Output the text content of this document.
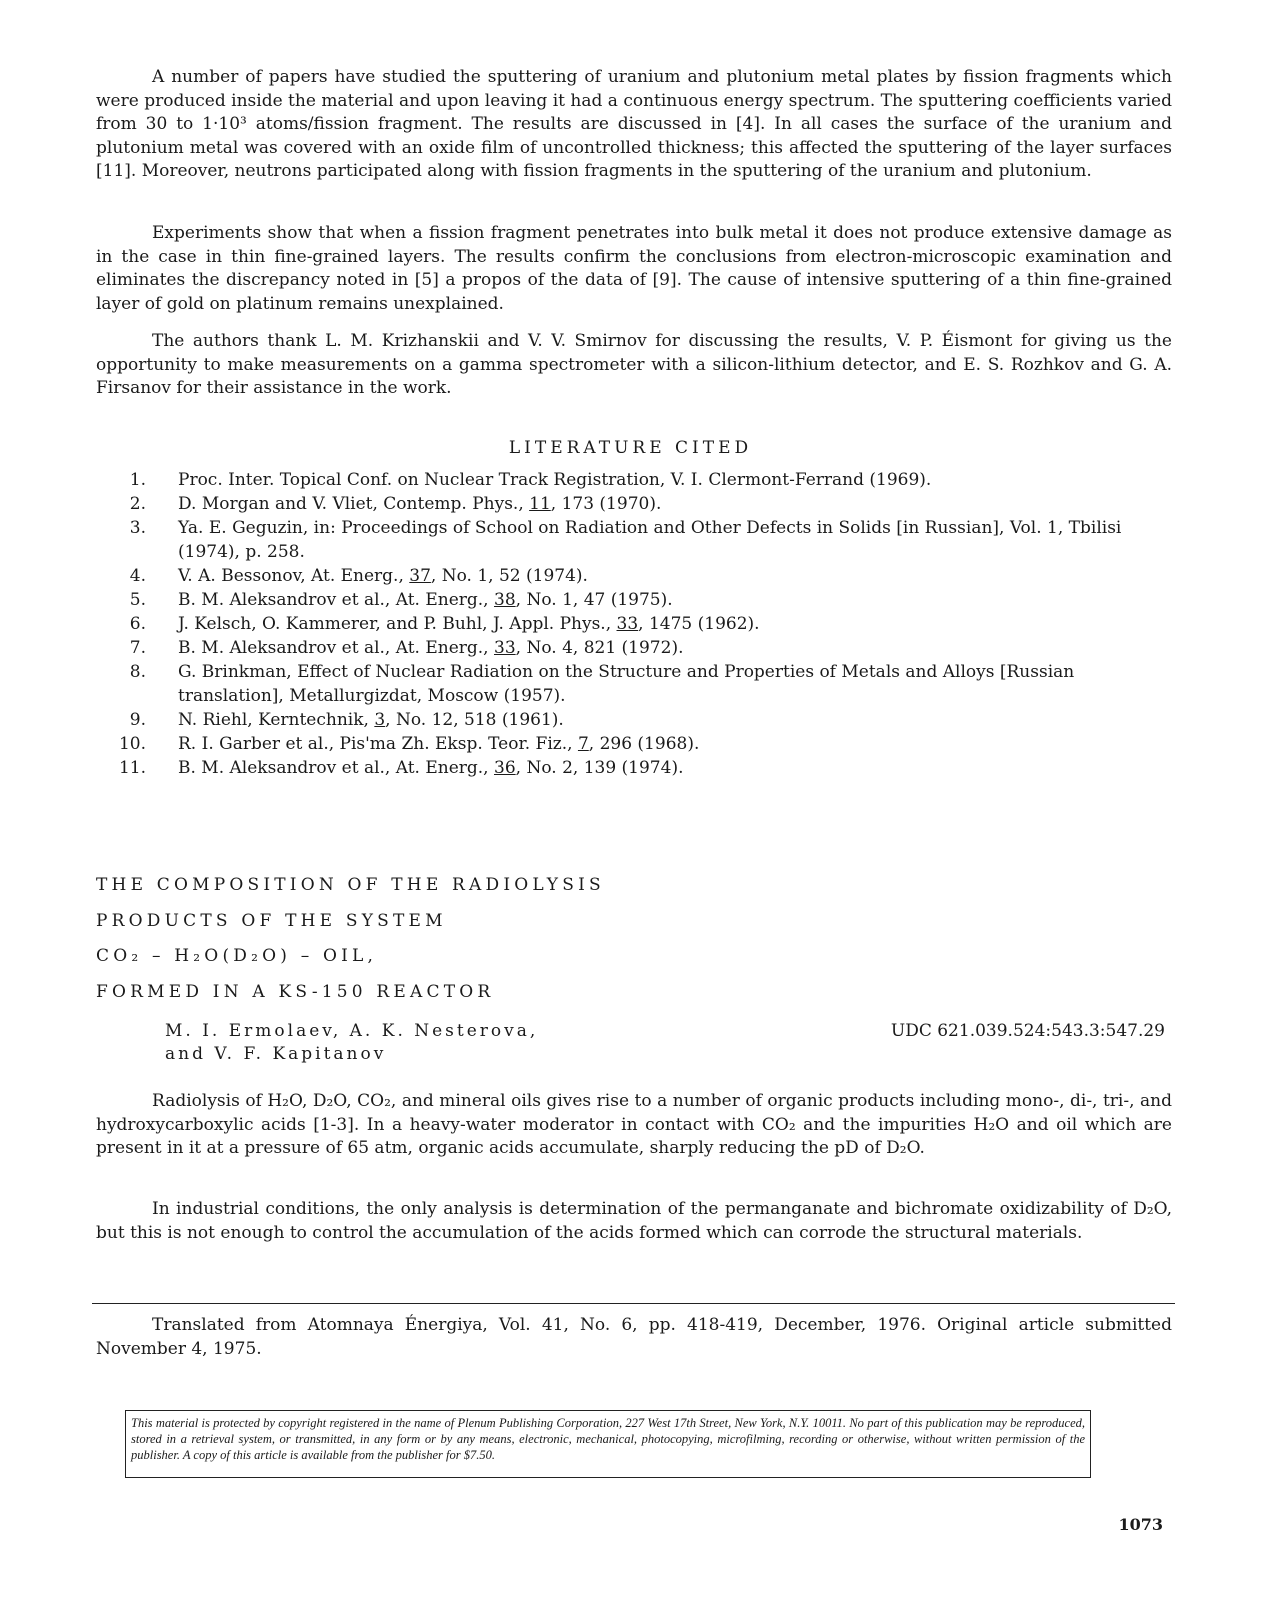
A number of papers have studied the sputtering of uranium and plutonium metal plates by fission fragments which were produced inside the material and upon leaving it had a continuous energy spectrum. The sputtering coefficients varied from 30 to 1·10³ atoms/fission fragment. The results are discussed in [4]. In all cases the surface of the uranium and plutonium metal was covered with an oxide film of uncontrolled thickness; this affected the sputtering of the layer surfaces [11]. Moreover, neutrons participated along with fission fragments in the sputtering of the uranium and plutonium.

Experiments show that when a fission fragment penetrates into bulk metal it does not produce extensive damage as in the case in thin fine-grained layers. The results confirm the conclusions from electron-microscopic examination and eliminates the discrepancy noted in [5] a propos of the data of [9]. The cause of intensive sputtering of a thin fine-grained layer of gold on platinum remains unexplained.

The authors thank L. M. Krizhanskii and V. V. Smirnov for discussing the results, V. P. Éismont for giving us the opportunity to make measurements on a gamma spectrometer with a silicon-lithium detector, and E. S. Rozhkov and G. A. Firsanov for their assistance in the work.

LITERATURE CITED

1.	Proc. Inter. Topical Conf. on Nuclear Track Registration, V. I. Clermont-Ferrand (1969).
2.	D. Morgan and V. Vliet, Contemp. Phys., 11, 173 (1970).
3.	Ya. E. Geguzin, in: Proceedings of School on Radiation and Other Defects in Solids [in Russian], Vol. 1, Tbilisi (1974), p. 258.
4.	V. A. Bessonov, At. Energ., 37, No. 1, 52 (1974).
5.	B. M. Aleksandrov et al., At. Energ., 38, No. 1, 47 (1975).
6.	J. Kelsch, O. Kammerer, and P. Buhl, J. Appl. Phys., 33, 1475 (1962).
7.	B. M. Aleksandrov et al., At. Energ., 33, No. 4, 821 (1972).
8.	G. Brinkman, Effect of Nuclear Radiation on the Structure and Properties of Metals and Alloys [Russian translation], Metallurgizdat, Moscow (1957).
9.	N. Riehl, Kerntechnik, 3, No. 12, 518 (1961).
10.	R. I. Garber et al., Pis'ma Zh. Eksp. Teor. Fiz., 7, 296 (1968).
11.	B. M. Aleksandrov et al., At. Energ., 36, No. 2, 139 (1974).
THE COMPOSITION OF THE RADIOLYSIS
PRODUCTS OF THE SYSTEM
CO₂ – H₂O(D₂O) – OIL,
FORMED IN A KS-150 REACTOR
M. I. Ermolaev, A. K. Nesterova,
and V. F. Kapitanov
UDC 621.039.524:543.3:547.29

Radiolysis of H₂O, D₂O, CO₂, and mineral oils gives rise to a number of organic products including mono-, di-, tri-, and hydroxycarboxylic acids [1-3]. In a heavy-water moderator in contact with CO₂ and the impurities H₂O and oil which are present in it at a pressure of 65 atm, organic acids accumulate, sharply reducing the pD of D₂O.

In industrial conditions, the only analysis is determination of the permanganate and bichromate oxidizability of D₂O, but this is not enough to control the accumulation of the acids formed which can corrode the structural materials.

Translated from Atomnaya Énergiya, Vol. 41, No. 6, pp. 418-419, December, 1976. Original article submitted November 4, 1975.

This material is protected by copyright registered in the name of Plenum Publishing Corporation, 227 West 17th Street, New York, N.Y. 10011. No part of this publication may be reproduced, stored in a retrieval system, or transmitted, in any form or by any means, electronic, mechanical, photocopying, microfilming, recording or otherwise, without written permission of the publisher. A copy of this article is available from the publisher for $7.50.
1073
